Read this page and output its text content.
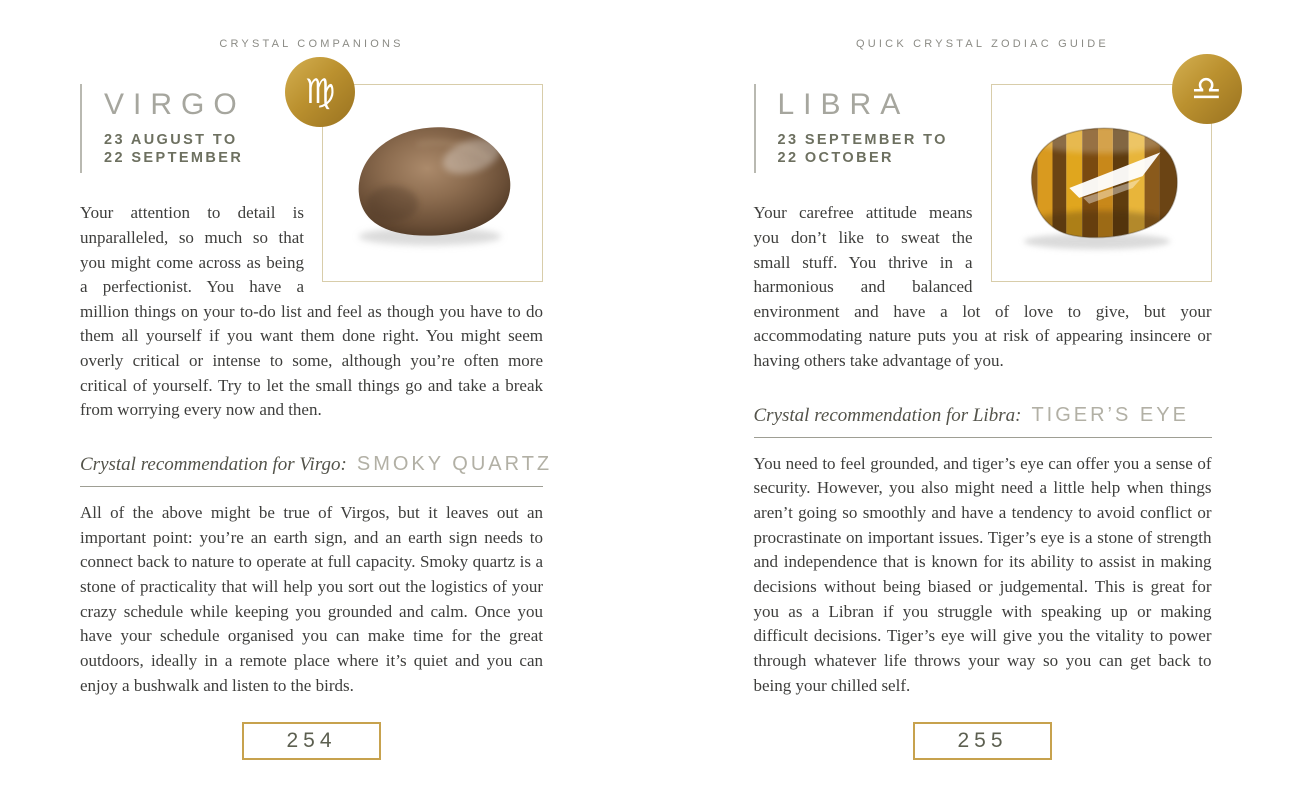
CRYSTAL COMPANIONS
♍
VIRGO
23 AUGUST TO
22 SEPTEMBER

Your attention to detail is unparalleled, so much so that you might come across as being a perfectionist. You have a million things on your to-do list and feel as though you have to do them all yourself if you want them done right. You might seem overly critical or intense to some, although you’re often more critical of yourself. Try to let the small things go and take a break from worrying every now and then.

Crystal recommendation for Virgo: SMOKY QUARTZ

All of the above might be true of Virgos, but it leaves out an important point: you’re an earth sign, and an earth sign needs to connect back to nature to operate at full capacity. Smoky quartz is a stone of practicality that will help you sort out the logistics of your crazy schedule while keeping you grounded and calm. Once you have your schedule organised you can make time for the great outdoors, ideally in a remote place where it’s quiet and you can enjoy a bushwalk and listen to the birds.

254
QUICK CRYSTAL ZODIAC GUIDE
♎
LIBRA
23 SEPTEMBER TO
22 OCTOBER

Your carefree attitude means you don’t like to sweat the small stuff. You thrive in a harmonious and balanced environment and have a lot of love to give, but your accommodating nature puts you at risk of appearing insincere or having others take advantage of you.

Crystal recommendation for Libra: TIGER’S EYE

You need to feel grounded, and tiger’s eye can offer you a sense of security. However, you also might need a little help when things aren’t going so smoothly and have a tendency to avoid conflict or procrastinate on important issues. Tiger’s eye is a stone of strength and independence that is known for its ability to assist in making decisions without being biased or judgemental. This is great for you as a Libran if you struggle with speaking up or making difficult decisions. Tiger’s eye will give you the vitality to power through whatever life throws your way so you can get back to being your chilled self.

255
